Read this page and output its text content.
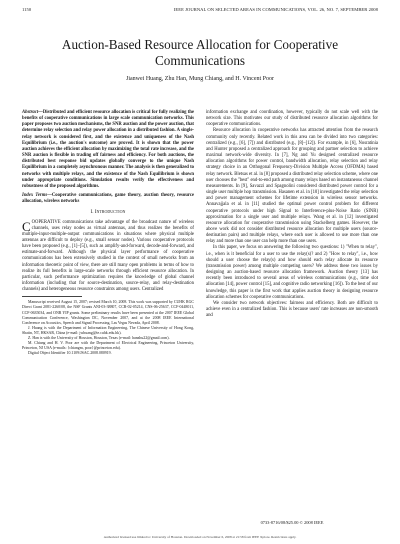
1150	IEEE JOURNAL ON SELECTED AREAS IN COMMUNICATIONS, VOL. 26, NO. 7, SEPTEMBER 2008
Auction-Based Resource Allocation for Cooperative Communications
Jianwei Huang, Zhu Han, Mung Chiang, and H. Vincent Poor

Abstract—Distributed and efficient resource allocation is critical for fully realizing the benefits of cooperative communications in large scale communication networks. This paper proposes two auction mechanisms, the SNR auction and the power auction, that determine relay selection and relay power allocation in a distributed fashion. A single-relay network is considered first, and the existence and uniqueness of the Nash Equilibrium (i.e., the auction's outcome) are proved. It is shown that the power auction achieves the efficient allocation by maximizing the total rate increase, and the SNR auction is flexible in trading off fairness and efficiency. For both auctions, the distributed best response bid updates globally converge to the unique Nash Equilibrium in a completely asynchronous manner. The analysis is then generalized to networks with multiple relays, and the existence of the Nash Equilibrium is shown under appropriate conditions. Simulation results verify the effectiveness and robustness of the proposed algorithms.

Index Terms—Cooperative communications, game theory, auction theory, resource allocation, wireless networks

I. Introduction

COOPERATIVE communications take advantage of the broadcast nature of wireless channels, uses relay nodes as virtual antennas, and thus realizes the benefits of multiple-input-multiple-output communications in situations where physical multiple antennas are difficult to deploy (e.g., small sensor nodes). Various cooperative protocols have been proposed (e.g., [1]–[5]), such as amplify-and-forward, decode-and-forward, and estimate-and-forward. Although the physical layer performance of cooperative communications has been extensively studied in the context of small networks from an information theoretic point of view, there are still many open problems in terms of how to realize its full benefits in large-scale networks through efficient resource allocation. In particular, such performance optimization requires the knowledge of global channel information (including that for source-destination, source-relay, and relay-destination channels) and heterogeneous resource constraints among users. Centralized

Manuscript received August 15, 2007; revised March 10, 2008. This work was supported by CUHK RGC Direct Grant 2081-2260/08, the NSF Grants ANI-03-38807, CCR-02-05214, CNS-06-25637, CCF-0448011, CCF-0635034, and ONR YIP grants. Some preliminary results have been presented at the 2007 IEEE Global Communication Conference, Washington DC, November 2007, and at the 2008 IEEE International Conference on Acoustics, Speech and Signal Processing, Las Vegas Nevada, April 2008.

J. Huang is with the Department of Information Engineering, The Chinese University of Hong Kong, Shatin, NT, HKSAR, China (e-mail: jwhuang@ie.cuhk.edu.hk).

Z. Han is with the University of Houston, Houston, Texas (e-mail: hanzhu22@gmail.com).

M. Chiang and H. V. Poor are with the Department of Electrical Engineering, Princeton University, Princeton, NJ USA (e-mails: {chiangm, poor}@princeton.edu).

Digital Object Identifier 10.1109/JSAC.2008.080919.

information exchange and coordination, however, typically do not scale well with the network size. This motivates our study of distributed resource allocation algorithms for cooperative communications.

Resource allocation in cooperative networks has attracted attention from the research community only recently. Related work in this area can be divided into two categories: centralized (e.g., [6], [7]) and distributed (e.g., [8]–[12]). For example, in [6], Nosratinia and Hunter proposed a centralized approach for grouping and partner selection to achieve maximal network-wide diversity. In [7], Ng and Yu designed centralized resource allocation algorithms for power control, bandwidth allocation, relay selection and relay strategy choice in an Orthogonal Frequency-Division Multiple Access (OFDMA) based relay network. Bletsas et al. in [8] proposed a distributed relay selection scheme, where one user chooses the "best" end-to-end path among many relays based on instantaneous channel measurements. In [9], Savazzi and Spagnolini considered distributed power control for a single user multiple hop transmission. Hasanen et al. in [10] investigated the relay selection and power management schemes for lifetime extension in wireless sensor networks. Annavajjala et al. in [11] studied the optimal power control problem for different cooperative protocols under high Signal to Interference-plus-Noise Ratio (SINR) approximation for a single user and multiple relays. Wang et al. in [12] investigated resource allocation for cooperative transmission using Stackelberg games. However, the above work did not consider distributed resource allocation for multiple users (source-destination pairs) and multiple relays, where each user is allowed to use more than one relay and more than one user can help more than one users.

In this paper, we focus on answering the following two questions: 1) "When to relay", i.e., when is it beneficial for a user to use the relay(s)? and 2) "How to relay", i.e., how should a user choose the relay(s) and how should each relay allocate its resource (transmission power) among multiple competing users? We address these two issues by designing an auction-based resource allocation framework. Auction theory [13] has recently been introduced to several areas of wireless communications (e.g., time slot allocation [14], power control [15], and cognitive radio networking [16]). To the best of our knowledge, this paper is the first work that applies auction theory in designing resource allocation schemes for cooperative communications.

We consider two network objectives: fairness and efficiency. Both are difficult to achieve even in a centralized fashion. This is because users' rate increases are non-smooth and

0733-8716/08/$25.00 © 2008 IEEE
Authorized licensed use limited to: University of Houston. Downloaded on November 6, 2008 at 21:58 from IEEE Xplore. Restrictions apply.
